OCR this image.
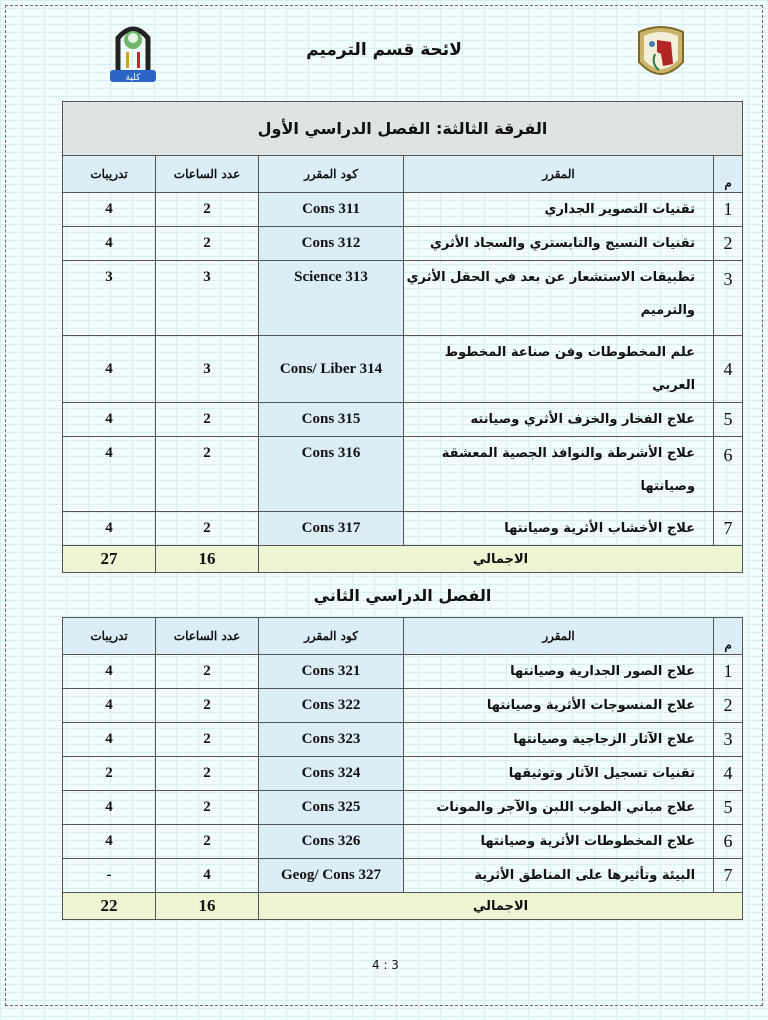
كلية
لائحة قسم الترميم
الفرقة الثالثة: الفصل الدراسي الأول				
م	المقرر	كود المقرر	عدد الساعات	تدريبات
1	تقنيات التصوير الجداري	Cons 311	2	4
2	تقنيات النسيج والتابستري والسجاد الأثري	Cons 312	2	4
3	تطبيقات الاستشعار عن بعد في الحقل الأثري والترميم	Science 313	3	3
4	علم المخطوطات وفن صناعة المخطوط العربي	Cons/ Liber 314	3	4
5	علاج الفخار والخزف الأثري وصيانته	Cons 315	2	4
6	علاج الأشرطة والنوافذ الجصية المعشقة وصيانتها	Cons 316	2	4
7	علاج الأخشاب الأثرية وصيانتها	Cons 317	2	4
الاجمالي			16	27
الفصل الدراسي الثاني				
م	المقرر	كود المقرر	عدد الساعات	تدريبات
1	علاج الصور الجدارية وصيانتها	Cons 321	2	4
2	علاج المنسوجات الأثرية وصيانتها	Cons 322	2	4
3	علاج الآثار الزجاجية وصيانتها	Cons 323	2	4
4	تقنيات تسجيل الآثار وتوثيقها	Cons 324	2	2
5	علاج مباني الطوب اللبن والآجر والمونات	Cons 325	2	4
6	علاج المخطوطات الأثرية وصيانتها	Cons 326	2	4
7	البيئة وتأثيرها على المناطق الأثرية	Geog/ Cons 327	4	-
الاجمالي			16	22
4 : 3
